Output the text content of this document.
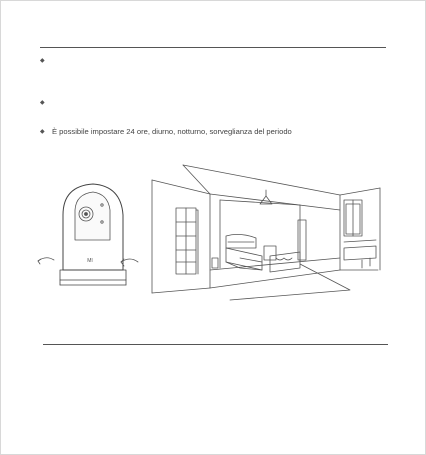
◆
◆
◆ È possibile impostare 24 ore, diurno, notturno, sorveglianza del periodo
MI
